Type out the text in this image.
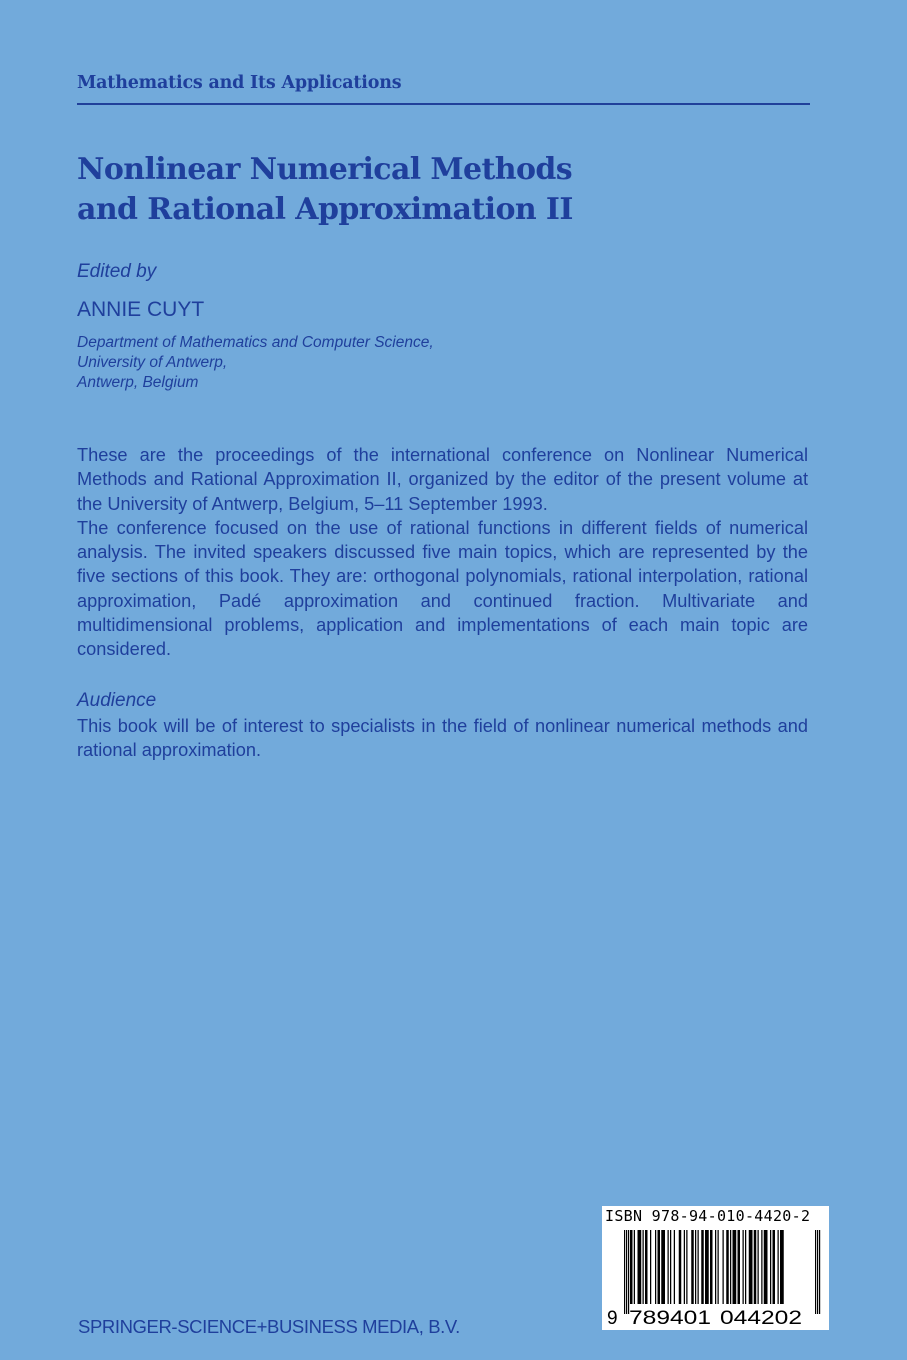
Mathematics and Its Applications
Nonlinear Numerical Methods
and Rational Approximation II
Edited by
ANNIE CUYT
Department of Mathematics and Computer Science,
University of Antwerp,
Antwerp, Belgium

These are the proceedings of the international conference on Nonlinear Numerical Methods and Rational Approximation II, organized by the editor of the present volume at the University of Antwerp, Belgium, 5–11 September 1993.

The conference focused on the use of rational functions in different fields of numerical analysis. The invited speakers discussed five main topics, which are represented by the five sections of this book. They are: orthogonal polynomials, rational interpolation, rational approximation, Padé approximation and continued fraction. Multivariate and multidimensional problems, application and implementations of each main topic are considered.

Audience
This book will be of interest to specialists in the field of nonlinear numerical methods and rational approximation.
SPRINGER-SCIENCE+BUSINESS MEDIA, B.V.	9 789401 044202
ISBN 978-94-010-4420-2
